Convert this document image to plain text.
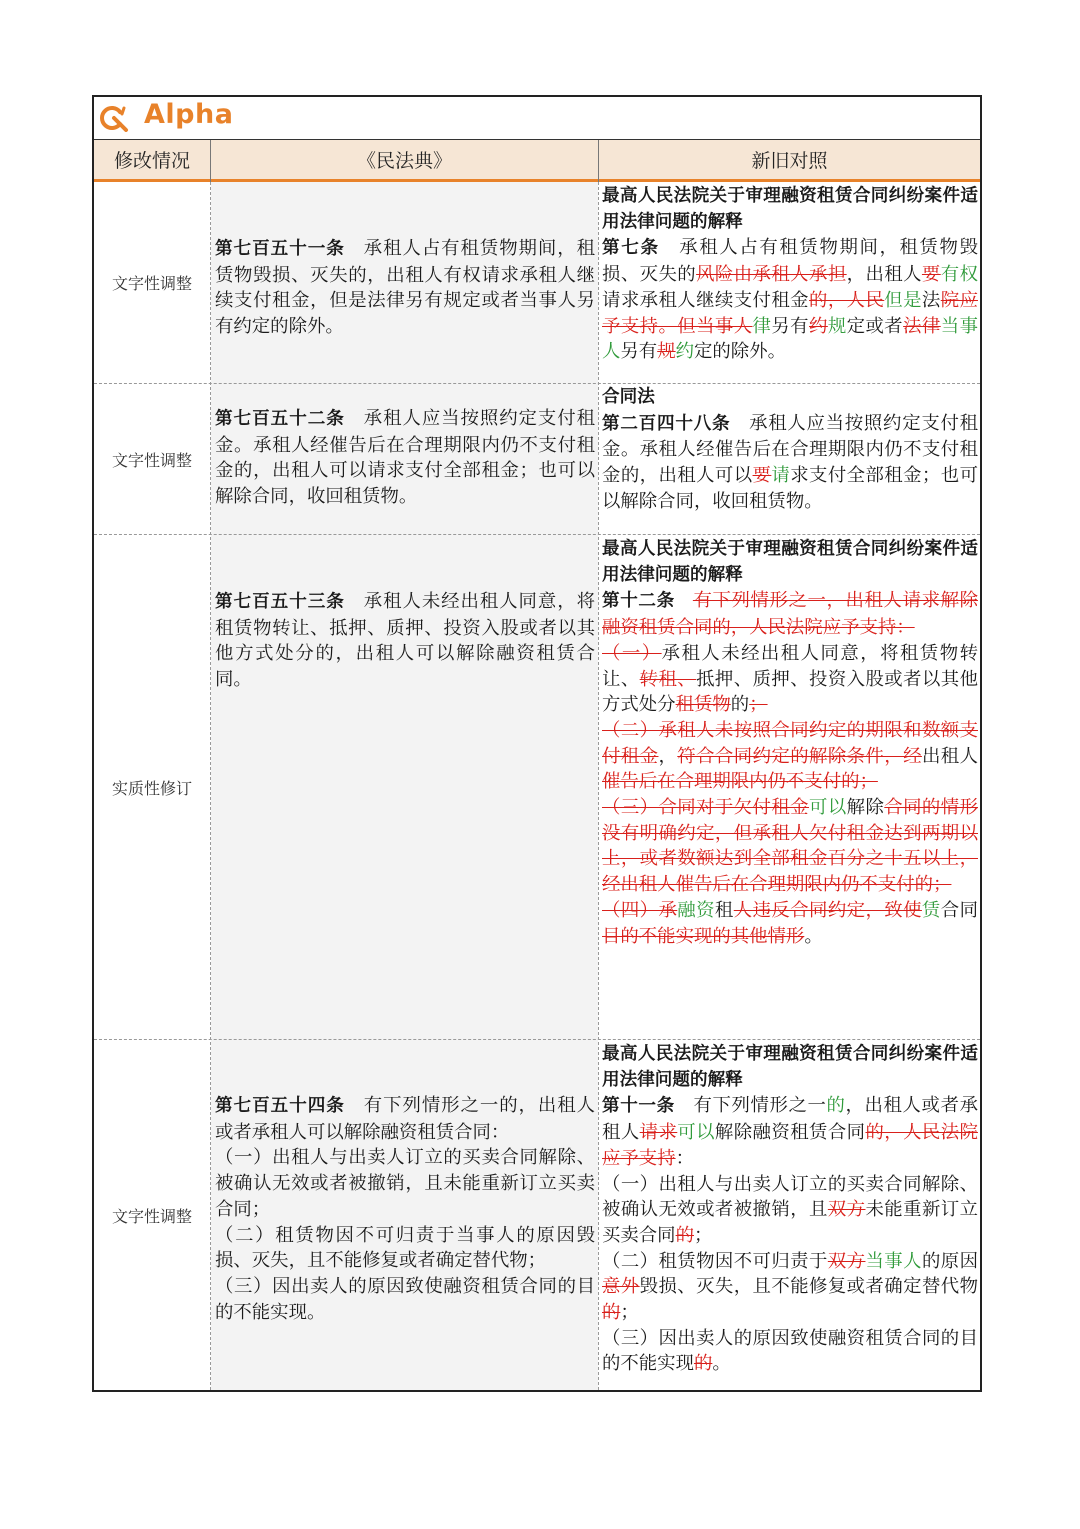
Alpha
修改情况	《民法典》	新旧对照
文字性调整
第七百五十一条 承租人占有租赁物期间，租赁物毁损、灭失的，出租人有权请求承租人继续支付租金，但是法律另有规定或者当事人另有约定的除外。
最高人民法院关于审理融资租赁合同纠纷案件适用法律问题的解释
第七条 承租人占有租赁物期间，租赁物毁损、灭失的风险由承租人承担，出租人要有权请求承租人继续支付租金的，人民但是法院应予支持。但当事人律另有约规定或者法律当事人另有规约定的除外。
文字性调整
第七百五十二条 承租人应当按照约定支付租金。承租人经催告后在合理期限内仍不支付租金的，出租人可以请求支付全部租金；也可以解除合同，收回租赁物。
合同法
第二百四十八条 承租人应当按照约定支付租金。承租人经催告后在合理期限内仍不支付租金的，出租人可以要请求支付全部租金；也可以解除合同，收回租赁物。
实质性修订
第七百五十三条 承租人未经出租人同意，将租赁物转让、抵押、质押、投资入股或者以其他方式处分的，出租人可以解除融资租赁合同。
最高人民法院关于审理融资租赁合同纠纷案件适用法律问题的解释
第十二条 有下列情形之一，出租人请求解除融资租赁合同的，人民法院应予支持：
（一）承租人未经出租人同意，将租赁物转让、转租、抵押、质押、投资入股或者以其他方式处分租赁物的；
（二）承租人未按照合同约定的期限和数额支付租金，符合合同约定的解除条件，经出租人催告后在合理期限内仍不支付的；
（三）合同对于欠付租金可以解除合同的情形没有明确约定，但承租人欠付租金达到两期以上，或者数额达到全部租金百分之十五以上，经出租人催告后在合理期限内仍不支付的；
（四）承融资租人违反合同约定，致使赁合同目的不能实现的其他情形。
文字性调整
第七百五十四条 有下列情形之一的，出租人或者承租人可以解除融资租赁合同：
（一）出租人与出卖人订立的买卖合同解除、被确认无效或者被撤销，且未能重新订立买卖合同；
（二）租赁物因不可归责于当事人的原因毁损、灭失，且不能修复或者确定替代物；
（三）因出卖人的原因致使融资租赁合同的目的不能实现。
最高人民法院关于审理融资租赁合同纠纷案件适用法律问题的解释
第十一条 有下列情形之一的，出租人或者承租人请求可以解除融资租赁合同的，人民法院应予支持：
（一）出租人与出卖人订立的买卖合同解除、被确认无效或者被撤销，且双方未能重新订立买卖合同的；
（二）租赁物因不可归责于双方当事人的原因意外毁损、灭失，且不能修复或者确定替代物的；
（三）因出卖人的原因致使融资租赁合同的目的不能实现的。
